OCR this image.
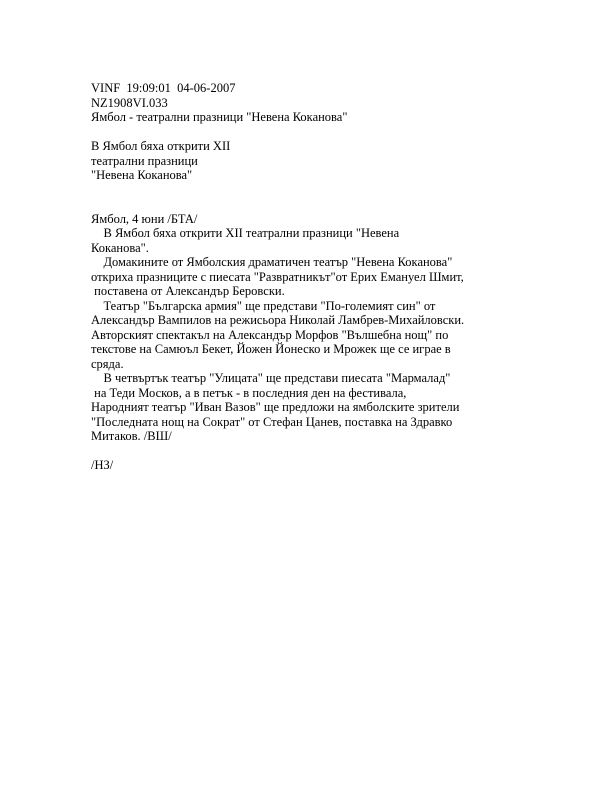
VINF  19:09:01  04-06-2007
NZ1908VI.033
Ямбол - театрални празници "Невена Коканова"
В Ямбол бяха открити XII
театрални празници
"Невена Коканова"
Ямбол, 4 юни /БТА/
В Ямбол бяха открити XII театрални празници "Невена
Коканова".
Домакините от Ямболския драматичен театър "Невена Коканова"
откриха празниците с пиесата "Развратникът"от Ерих Емануел Шмит,
поставена от Александър Беровски.
Театър "Българска армия" ще представи "По-големият син" от
Александър Вампилов на режисьора Николай Ламбрев-Михайловски.
Авторският спектакъл на Александър Морфов "Вълшебна нощ" по
текстове на Самюъл Бекет, Йожен Йонеско и Мрожек ще се играе в
сряда.
В четвъртък театър "Улицата" ще представи пиесата "Мармалад"
на Теди Москов, а в петък - в последния ден на фестивала,
Народният театър "Иван Вазов" ще предложи на ямболските зрители
"Последната нощ на Сократ" от Стефан Цанев, поставка на Здравко
Митаков. /ВШ/
/НЗ/
